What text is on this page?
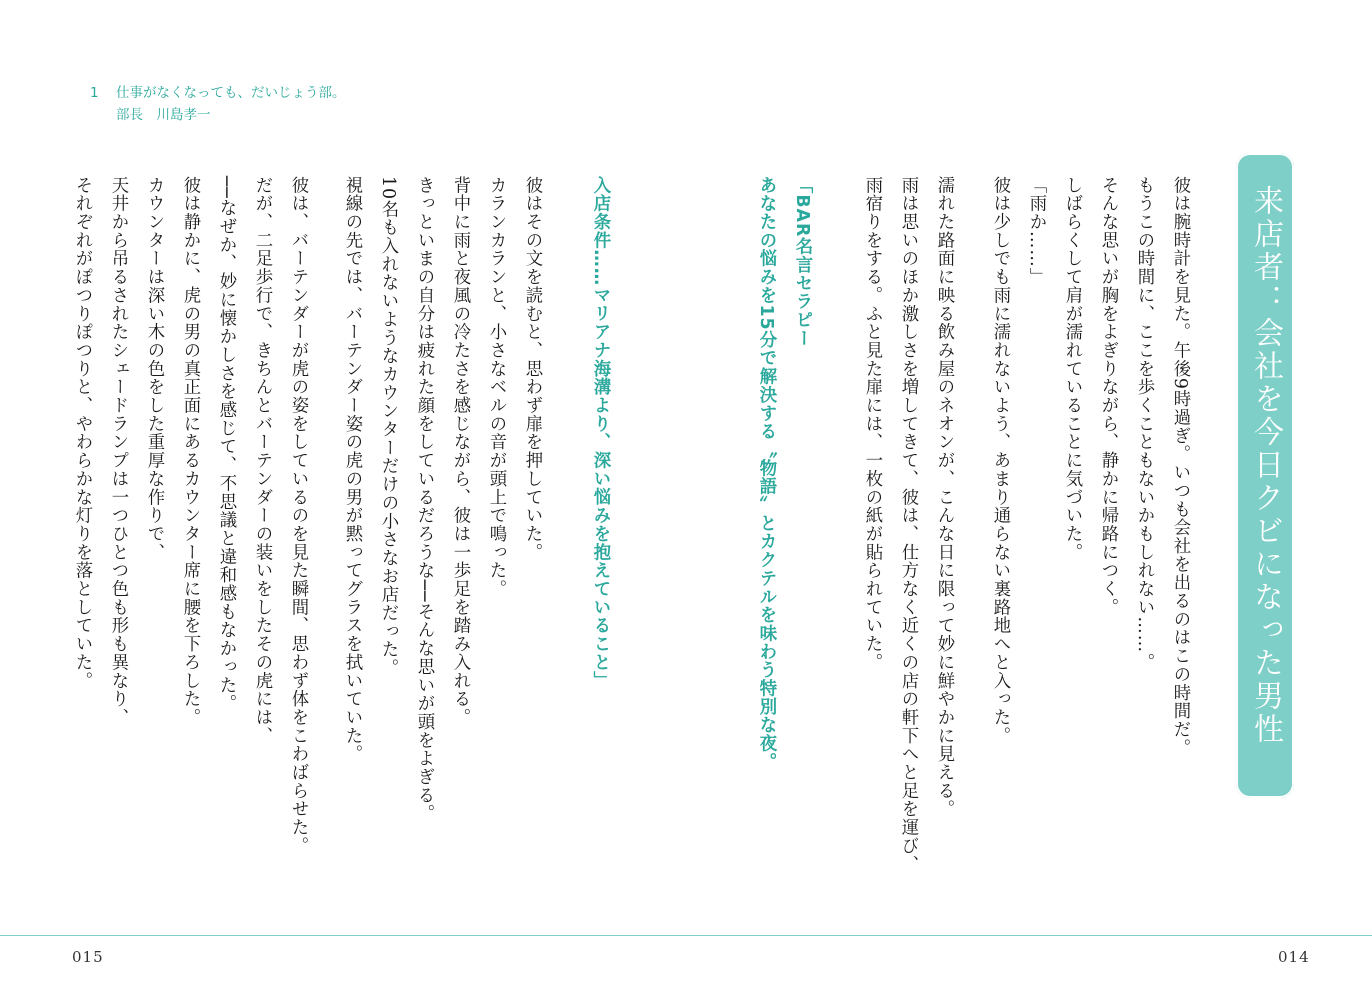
1 仕事がなくなっても、だいじょう部。
部長　川島孝一
来店者：会社を今日クビになった男性
彼は腕時計を見た。午後9時過ぎ。いつも会社を出るのはこの時間だ。
もうこの時間に、ここを歩くこともないかもしれない……。
そんな思いが胸をよぎりながら、静かに帰路につく。
しばらくして肩が濡れていることに気づいた。
「雨か……」
彼は少しでも雨に濡れないよう、あまり通らない裏路地へと入った。
濡れた路面に映る飲み屋のネオンが、こんな日に限って妙に鮮やかに見える。
雨は思いのほか激しさを増してきて、彼は、仕方なく近くの店の軒下へと足を運び、
雨宿りをする。ふと見た扉には、一枚の紙が貼られていた。
「BAR名言セラピー
あなたの悩みを15分で解決する〝物語〟とカクテルを味わう特別な夜。
入店条件……マリアナ海溝より、深い悩みを抱えていること」
彼はその文を読むと、思わず扉を押していた。
カランカランと、小さなベルの音が頭上で鳴った。
背中に雨と夜風の冷たさを感じながら、彼は一歩足を踏み入れる。
きっといまの自分は疲れた顔をしているだろうな──そんな思いが頭をよぎる。
10名も入れないようなカウンターだけの小さなお店だった。
視線の先では、バーテンダー姿の虎の男が黙ってグラスを拭いていた。
彼は、バーテンダーが虎の姿をしているのを見た瞬間、思わず体をこわばらせた。
だが、二足歩行で、きちんとバーテンダーの装いをしたその虎には、
──なぜか、妙に懐かしさを感じて、不思議と違和感もなかった。
彼は静かに、虎の男の真正面にあるカウンター席に腰を下ろした。
カウンターは深い木の色をした重厚な作りで、
天井から吊るされたシェードランプは一つひとつ色も形も異なり、
それぞれがぽつりぽつりと、やわらかな灯りを落としていた。
015	014
